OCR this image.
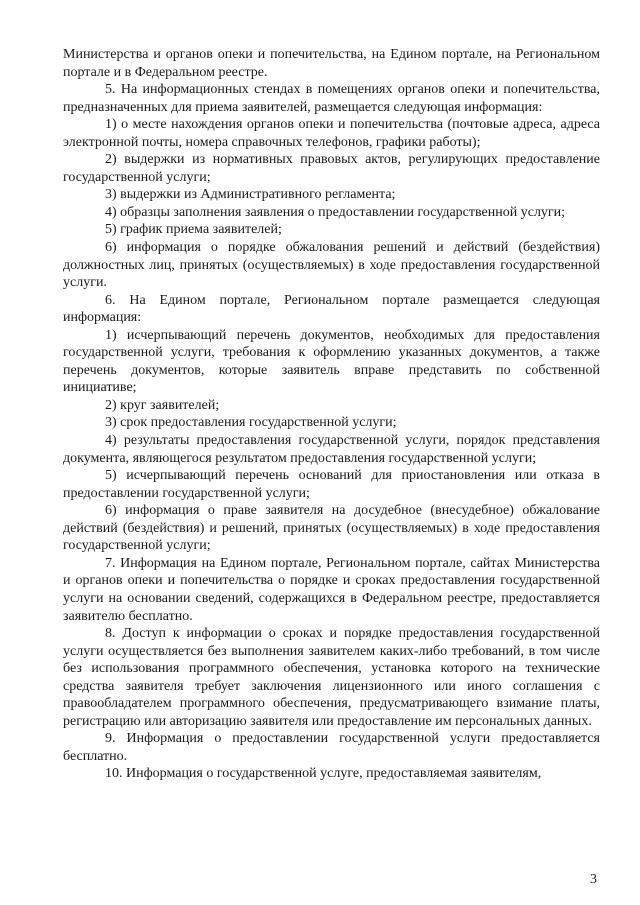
Министерства и органов опеки и попечительства, на Едином портале, на Региональном портале и в Федеральном реестре.

5. На информационных стендах в помещениях органов опеки и попечительства, предназначенных для приема заявителей, размещается следующая информация:

1) о месте нахождения органов опеки и попечительства (почтовые адреса, адреса электронной почты, номера справочных телефонов, графики работы);

2) выдержки из нормативных правовых актов, регулирующих предоставление государственной услуги;

3) выдержки из Административного регламента;

4) образцы заполнения заявления о предоставлении государственной услуги;

5) график приема заявителей;

6) информация о порядке обжалования решений и действий (бездействия) должностных лиц, принятых (осуществляемых) в ходе предоставления государственной услуги.

6. На Едином портале, Региональном портале размещается следующая информация:

1) исчерпывающий перечень документов, необходимых для предоставления государственной услуги, требования к оформлению указанных документов, а также перечень документов, которые заявитель вправе представить по собственной инициативе;

2) круг заявителей;

3) срок предоставления государственной услуги;

4) результаты предоставления государственной услуги, порядок представления документа, являющегося результатом предоставления государственной услуги;

5) исчерпывающий перечень оснований для приостановления или отказа в предоставлении государственной услуги;

6) информация о праве заявителя на досудебное (внесудебное) обжалование действий (бездействия) и решений, принятых (осуществляемых) в ходе предоставления государственной услуги;

7. Информация на Едином портале, Региональном портале, сайтах Министерства и органов опеки и попечительства о порядке и сроках предоставления государственной услуги на основании сведений, содержащихся в Федеральном реестре, предоставляется заявителю бесплатно.

8. Доступ к информации о сроках и порядке предоставления государственной услуги осуществляется без выполнения заявителем каких-либо требований, в том числе без использования программного обеспечения, установка которого на технические средства заявителя требует заключения лицензионного или иного соглашения с правообладателем программного обеспечения, предусматривающего взимание платы, регистрацию или авторизацию заявителя или предоставление им персональных данных.

9. Информация о предоставлении государственной услуги предоставляется бесплатно.

10. Информация о государственной услуге, предоставляемая заявителям,

3
